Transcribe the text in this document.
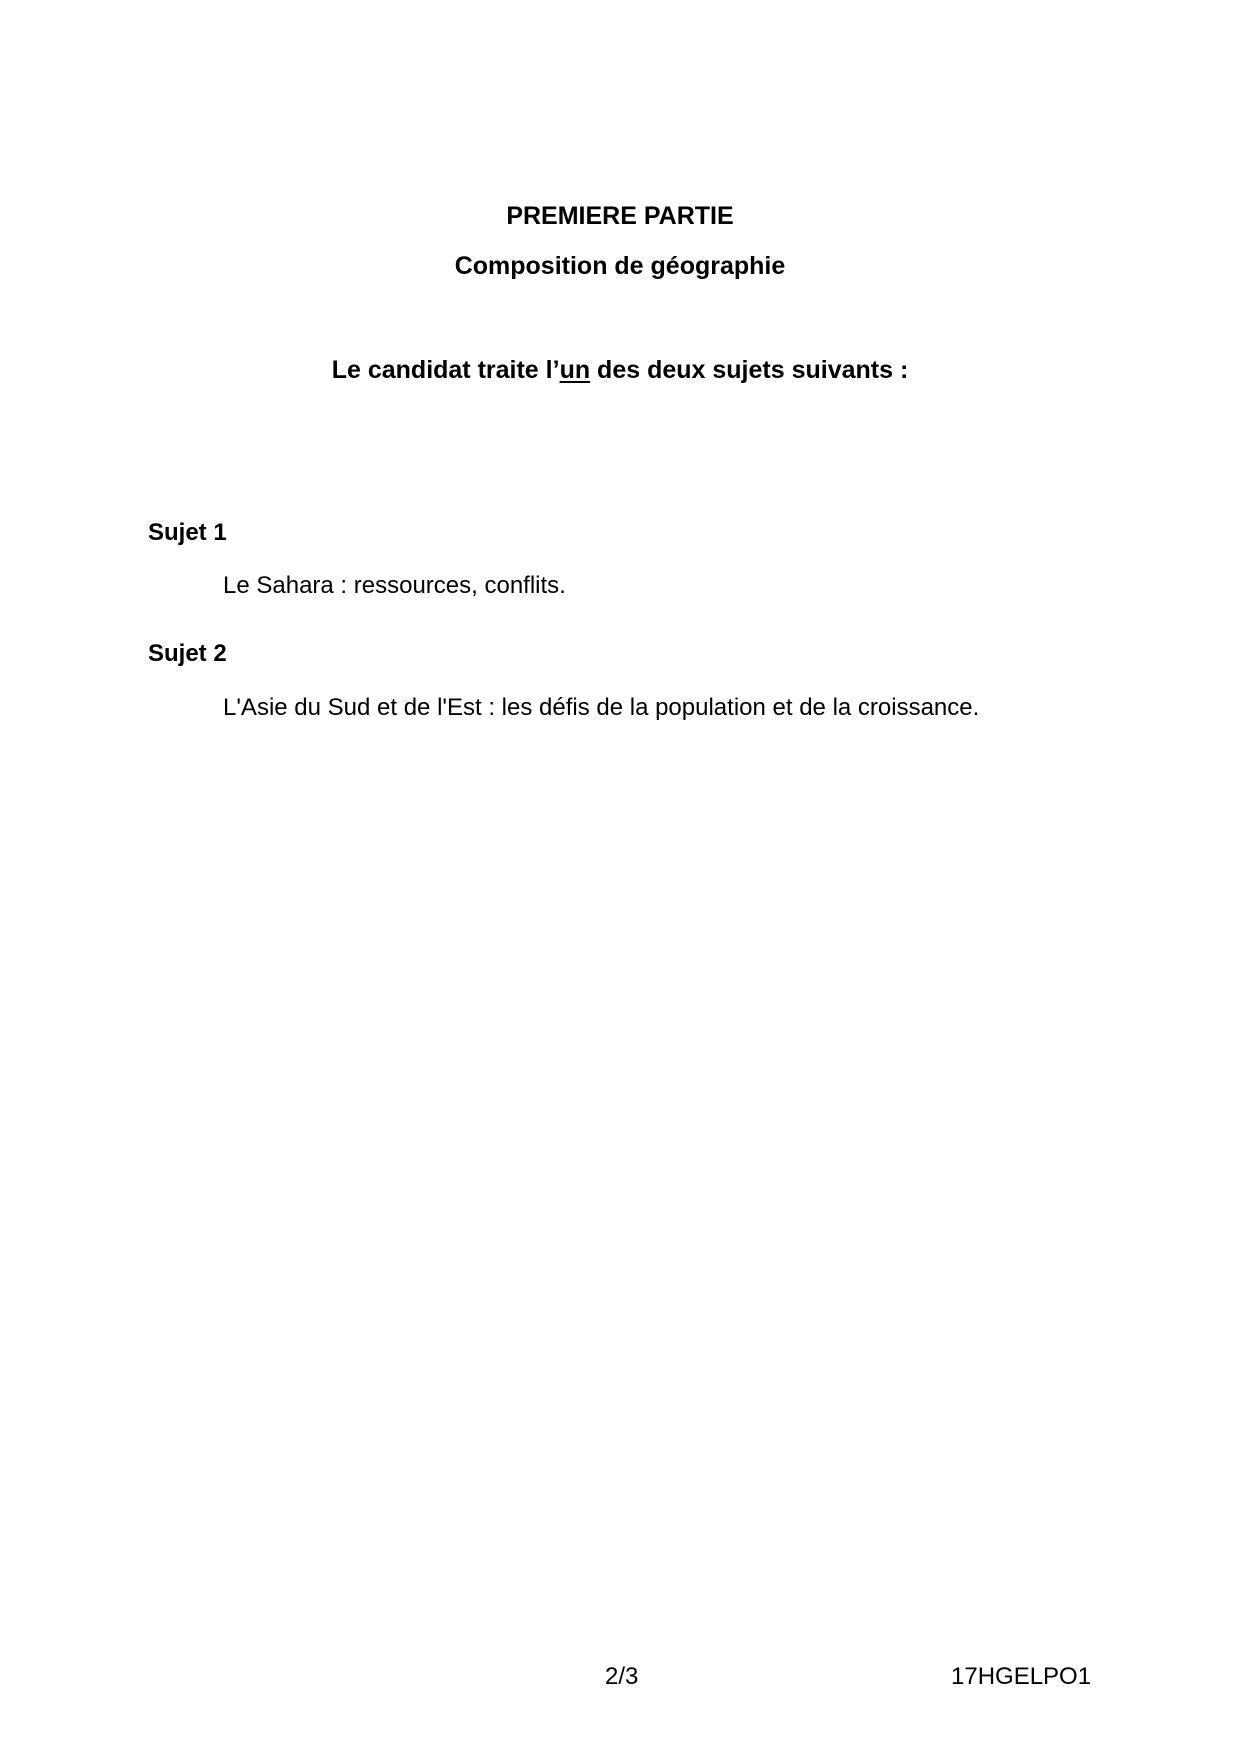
PREMIERE PARTIE
Composition de géographie
Le candidat traite l’un des deux sujets suivants :
Sujet 1
Le Sahara : ressources, conflits.
Sujet 2
L'Asie du Sud et de l'Est : les défis de la population et de la croissance.
2/3	17HGELPO1
